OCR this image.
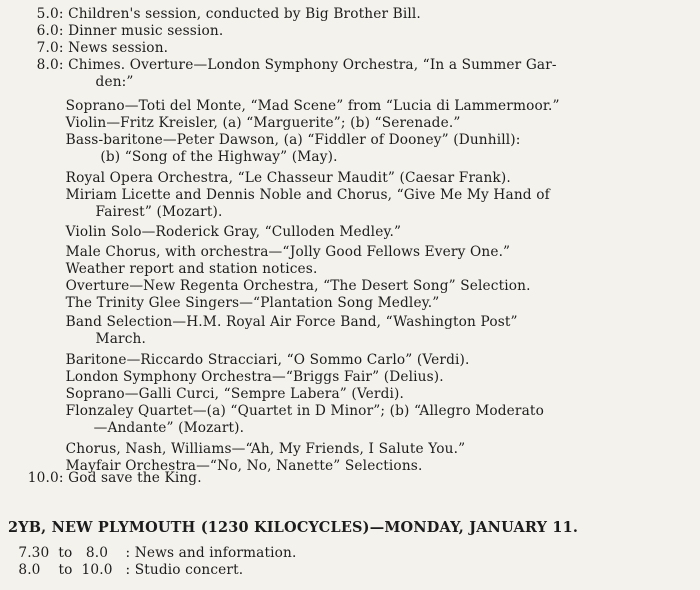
5.0 : Children's session, conducted by Big Brother Bill.
6.0 : Dinner music session.
7.0 : News session.
8.0 : Chimes. Overture—London Symphony Orchestra, “In a Summer Gar-
den:”
Soprano—Toti del Monte, “Mad Scene” from “Lucia di Lammermoor.”
Violin—Fritz Kreisler, (a) “Marguerite”; (b) “Serenade.”
Bass-baritone—Peter Dawson, (a) “Fiddler of Dooney” (Dunhill):
(b) “Song of the Highway” (May).
Royal Opera Orchestra, “Le Chasseur Maudit” (Caesar Frank).
Miriam Licette and Dennis Noble and Chorus, “Give Me My Hand of
Fairest” (Mozart).
Violin Solo—Roderick Gray, “Culloden Medley.”
Male Chorus, with orchestra—“Jolly Good Fellows Every One.”
Weather report and station notices.
Overture—New Regenta Orchestra, “The Desert Song” Selection.
The Trinity Glee Singers—“Plantation Song Medley.”
Band Selection—H.M. Royal Air Force Band, “Washington Post”
March.
Baritone—Riccardo Stracciari, “O Sommo Carlo” (Verdi).
London Symphony Orchestra—“Briggs Fair” (Delius).
Soprano—Galli Curci, “Sempre Labera” (Verdi).
Flonzaley Quartet—(a) “Quartet in D Minor”; (b) “Allegro Moderato
—Andante” (Mozart).
Chorus, Nash, Williams—“Ah, My Friends, I Salute You.”
Mayfair Orchestra—“No, No, Nanette” Selections.
10.0 : God save the King.
2YB, NEW PLYMOUTH (1230 KILOCYCLES)—MONDAY, JANUARY 11.
7.30  to   8.0 : News and information.
8.0    to  10.0 : Studio concert.
